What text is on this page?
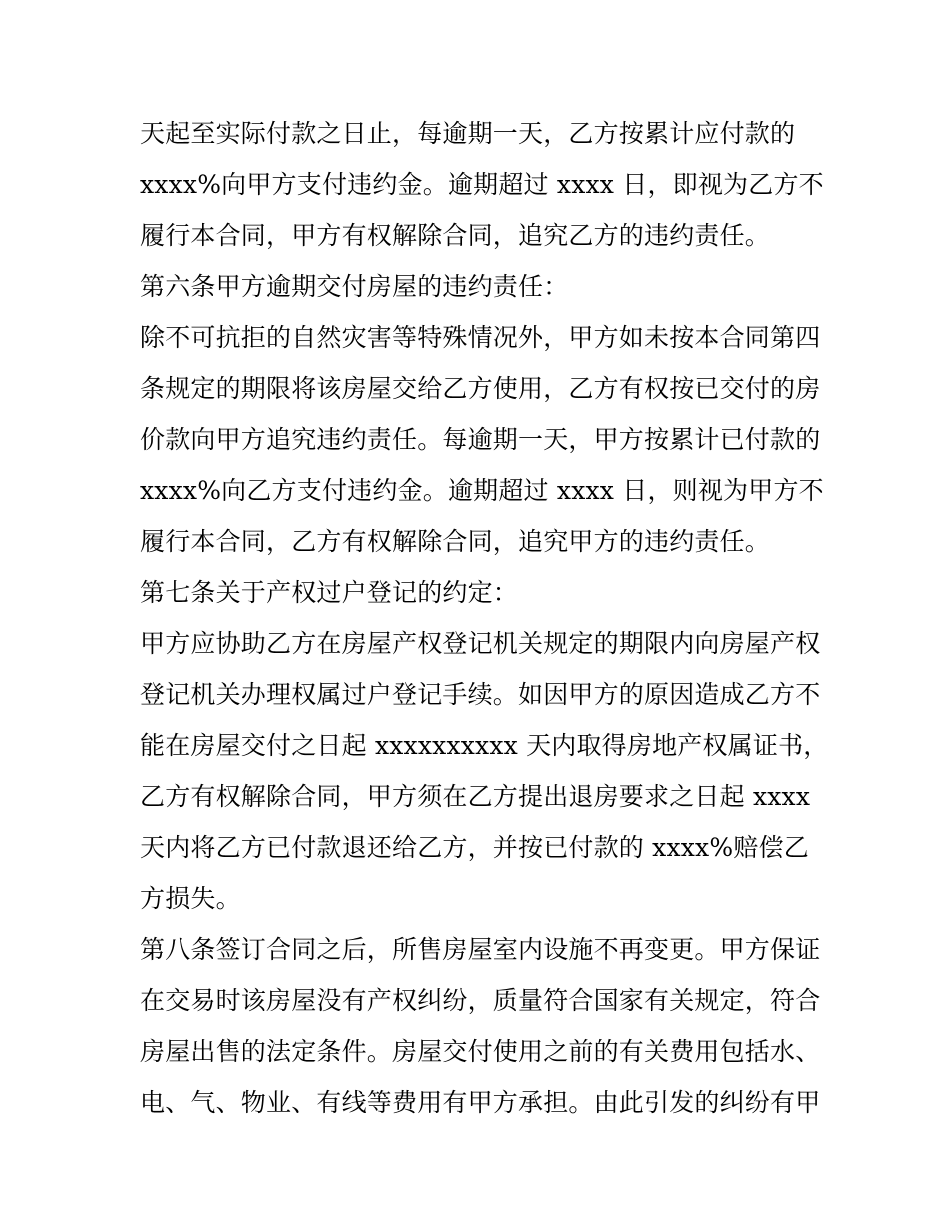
天起至实际付款之日止，每逾期一天，乙方按累计应付款的
xxxx%向甲方支付违约金。逾期超过 xxxx 日，即视为乙方不
履行本合同，甲方有权解除合同，追究乙方的违约责任。
第六条甲方逾期交付房屋的违约责任：
除不可抗拒的自然灾害等特殊情况外，甲方如未按本合同第四
条规定的期限将该房屋交给乙方使用，乙方有权按已交付的房
价款向甲方追究违约责任。每逾期一天，甲方按累计已付款的
xxxx%向乙方支付违约金。逾期超过 xxxx 日，则视为甲方不
履行本合同，乙方有权解除合同，追究甲方的违约责任。
第七条关于产权过户登记的约定：
甲方应协助乙方在房屋产权登记机关规定的期限内向房屋产权
登记机关办理权属过户登记手续。如因甲方的原因造成乙方不
能在房屋交付之日起 xxxxxxxxxx 天内取得房地产权属证书，
乙方有权解除合同，甲方须在乙方提出退房要求之日起 xxxx
天内将乙方已付款退还给乙方，并按已付款的 xxxx%赔偿乙
方损失。
第八条签订合同之后，所售房屋室内设施不再变更。甲方保证
在交易时该房屋没有产权纠纷，质量符合国家有关规定，符合
房屋出售的法定条件。房屋交付使用之前的有关费用包括水、
电、气、物业、有线等费用有甲方承担。由此引发的纠纷有甲
